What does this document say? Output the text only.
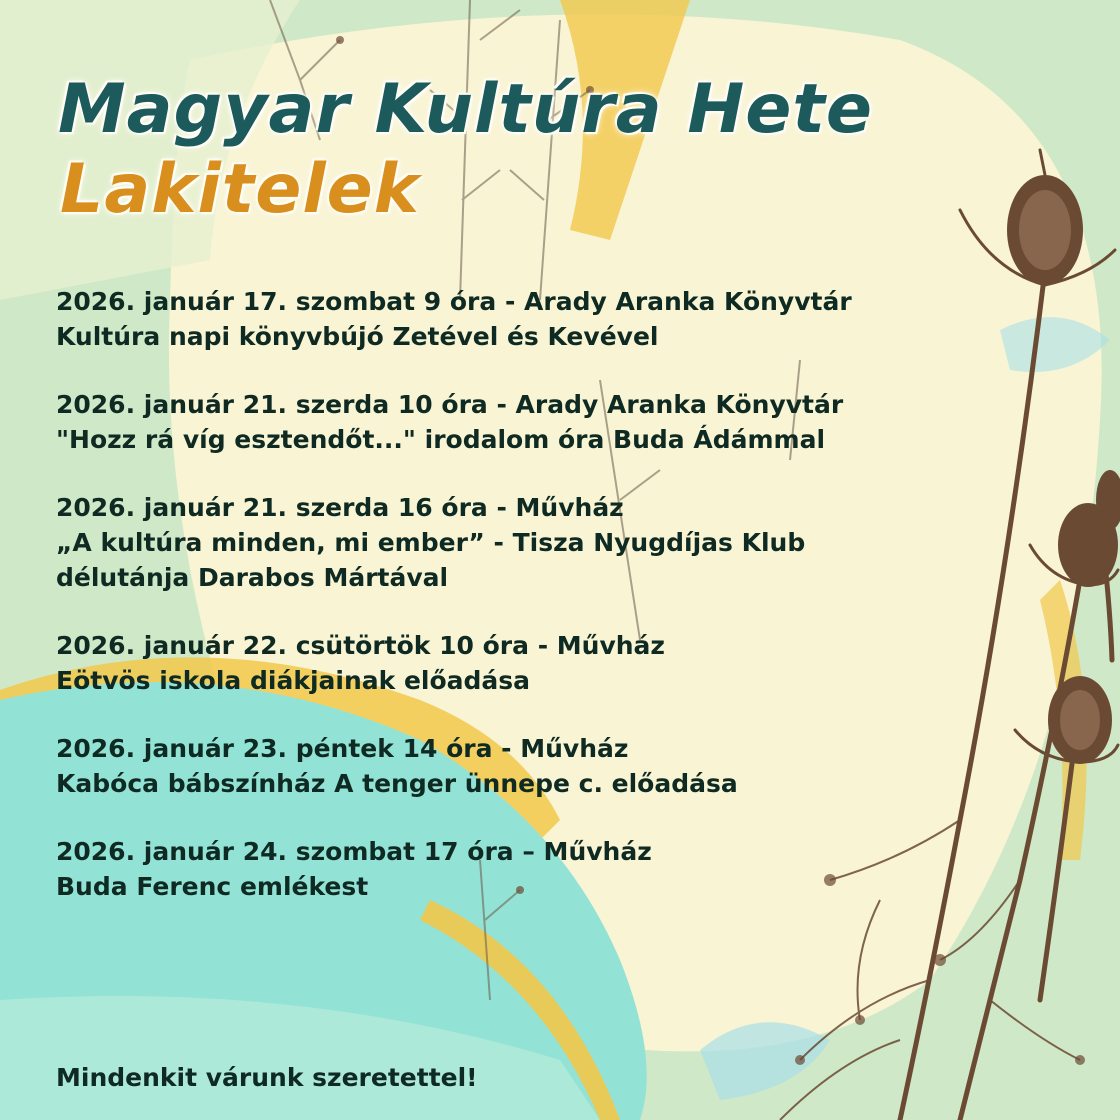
Magyar Kultúra Hete
Lakitelek
2026. január 17. szombat 9 óra - Arady Aranka Könyvtár
Kultúra napi könyvbújó Zetével és Kevével
2026. január 21. szerda 10 óra - Arady Aranka Könyvtár
"Hozz rá víg esztendőt..." irodalom óra Buda Ádámmal
2026. január 21. szerda 16 óra - Művház
„A kultúra minden, mi ember” - Tisza Nyugdíjas Klub
délutánja Darabos Mártával
2026. január 22. csütörtök 10 óra - Művház
Eötvös iskola diákjainak előadása
2026. január 23. péntek 14 óra - Művház
Kabóca bábszínház A tenger ünnepe c. előadása
2026. január 24. szombat 17 óra – Művház
Buda Ferenc emlékest

Mindenkit várunk szeretettel!
